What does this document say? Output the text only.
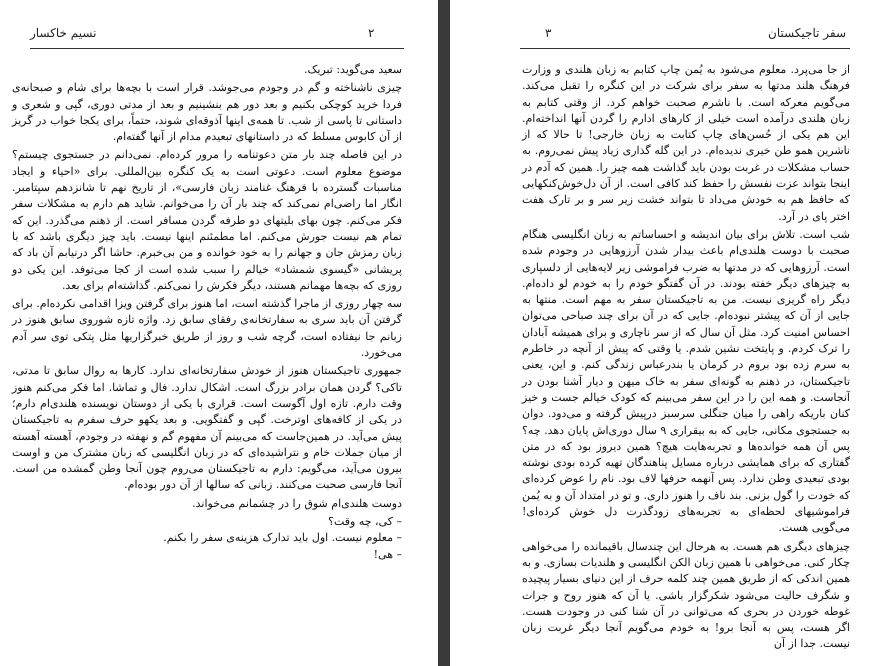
نسیم خاکسار	۲

سعید می‌گوید: تبریک.

چیزی ناشناخته و گم در وجودم می‌جوشد. قرار است با بچه‌ها برای شام و صبحانه‌ی فردا خرید کوچکی بکنیم و بعد دور هم بنشینیم و بعد از مدتی دوری، گپی و شعری و داستانی تا پاسی از شب. تا همه‌ی اینها آذوقه‌ای شوند، حتماً، برای یکجا خواب در گریز از آن کابوس مسلط که در داستانهای تبعیدم مدام از آنها گفته‌ام.

در این فاصله چند بار متن دعوتنامه را مرور کرده‌ام. نمی‌دانم در جستجوی چیستم؟ موضوع معلوم است. دعوتی است به یک کنگره بین‌المللی. برای «احیاء و ایجاد مناسبات گسترده با فرهنگ غنامند زبان فارسی»، از تاریخ نهم تا شانزدهم سپتامبر. انگار اما راضی‌ام نمی‌کند که چند بار آن را می‌خوانم. شاید هم دارم به مشکلات سفر فکر می‌کنم. چون بهای بلیتهای دو طرفه گردن مسافر است. از ذهنم می‌گذرد. این که تمام هم نیست جورش می‌کنم. اما مطمئنم اینها نیست. باید چیز دیگری باشد که با زبان رمزش جان و جهانم را به خود خوانده و من بی‌خبرم. حاشا اگر درنیابم آن باد که پریشانی «گیسوی شمشاد» خیالم را سبب شده است از کجا می‌توفد. این یکی دو روزی که بچه‌ها مهمانم هستند، دیگر فکرش را نمی‌کنم. گذاشته‌ام برای بعد.

سه چهار روزی از ماجرا گذشته است، اما هنوز برای گرفتن ویزا اقدامی نکرده‌ام. برای گرفتن آن باید سری به سفارتخانه‌ی رفقای سابق زد. واژه تازه شوروی سابق هنوز در زبانم جا نیفتاده است، گرچه شب و روز از طریق خبرگزاریها مثل پتکی توی سر آدم می‌خورد.

جمهوری تاجیکستان هنوز از خودش سفارتخانه‌ای ندارد. کارها به روال سابق تا مدتی، تاکی؟ گردن همان برادر بزرگ است. اشکال ندارد. فال و تماشا. اما فکر می‌کنم هنوز وقت دارم. تازه اول آگوست است. قراری با یکی از دوستان نویسنده هلندی‌ام دارم؛ در یکی از کافه‌های اوترخت. گپی و گفتگویی. و بعد یکهو حرف سفرم به تاجیکستان پیش می‌آید. در همین‌جاست که می‌بینم آن مفهوم گم و نهفته در وجودم، آهسته آهسته از میان جملات خام و نتراشیده‌ای که در زبان انگلیسی که زبان مشترک من و اوست بیرون می‌آید، می‌گویم: دارم به تاجیکستان می‌روم چون آنجا وطن گمشده من است. آنجا فارسی صحبت می‌کنند. زبانی که سالها از آن دور بوده‌ام.

دوست هلندی‌ام شوق را در چشمانم می‌خواند.

– کی، چه وقت؟

– معلوم نیست. اول باید تدارک هزینه‌ی سفر را بکنم.

– هی!

۳	سفر تاجیکستان

از جا می‌پرد. معلوم می‌شود به یُمن چاپ کتابم به زبان هلندی و وزارت فرهنگ هلند مدتها به سفر برای شرکت در این کنگره را تقبل می‌کند. می‌گویم معرکه است. با ناشرم صحبت خواهم کرد. از وقتی کتابم به زبان هلندی درآمده است خیلی از کارهای ادارم را گردن آنها انداخته‌ام. این هم یکی از حُسن‌های چاپ کتابت به زبان خارجی! تا حالا که از ناشرین همو طن خیری ندیده‌ام. در این گله گذاری زیاد پیش نمی‌روم. به حساب مشکلات در غربت بودن باید گذاشت همه چیز را. همین که آدم در اینجا بتواند عزت نفسش را حفظ کند کافی است. از آن دل‌خوش‌کنکهایی که حافظ هم به خودش می‌داد تا بتواند خشت زیر سر و بر تارک هفت اختر پای در آرد.

شب است. تلاش برای بیان اندیشه و احساساتم به زبان انگلیسی هنگام صحبت با دوست هلندی‌ام باعث بیدار شدن آرزوهایی در وجودم شده است. آرزوهایی که در مدتها به ضرب فراموشی زیر لایه‌هایی از دلسپاری به چیزهای دیگر خفته بودند. در آن گفتگو خودم را به خودم لو داده‌ام. دیگر راه گریزی نیست. من به تاجیکستان سفر به مهم است. منتها به جایی از آن که پیشتر نبوده‌ام. جایی که در آن برای چند صباحی می‌توان احساس امنیت کرد. مثل آن سال که از سر ناچاری و برای همیشه آبادان را ترک کردم. و پایتخت نشین شدم. یا وقتی که پیش از آنچه در خاطرم به سرم زده بود بروم در کرمان یا بندرعباس زندگی کنم. و این، یعنی تاجیکستان، در ذهنم به گونه‌ای سفر به خاک میهن و دیار آشنا بودن در آنجاست. و همه این را در این سفر می‌بینم که کودک خیالم جست و خیز کنان باریکه راهی را میان جنگلی سرسبز درپیش گرفته و می‌دود. دوان به جستجوی مکانی، جایی که به بیقراری ۹ سال دوری‌اش پایان دهد. چه؟ پس آن همه خوانده‌ها و تجربه‌هایت هیچ؟ همین دیروز بود که در متن گفتاری که برای همایشی درباره مسایل پناهندگان تهیه کرده بودی نوشته بودی تبعیدی وطن ندارد. پس آنهمه حرفها لاف بود. نام را عوض کرده‌ای که خودت را گول بزنی. بند ناف را هنوز داری. و تو در امتداد آن و به یُمن فراموشیهای لحظه‌ای به تجربه‌های زودگذرت دل خوش کرده‌ای! می‌گویی هست.

چیزهای دیگری هم هست. به هرحال این چندسال باقیمانده را می‌خواهی چکار کنی. می‌خواهی با همین زبان الکن انگلیسی و هلندیات بسازی. و به همین اندکی که از طریق همین چند کلمه حرف از این دنیای بسیار پیچیده و شگرف حالیت می‌شود شکرگزار باشی. یا آن که هنوز روح و جرات غوطه خوردن در بحری که می‌توانی در آن شنا کنی در وجودت هست. اگر هست، پس به آنجا برو! به خودم می‌گویم آنجا دیگر غربت زبان نیست. جدا از آن
